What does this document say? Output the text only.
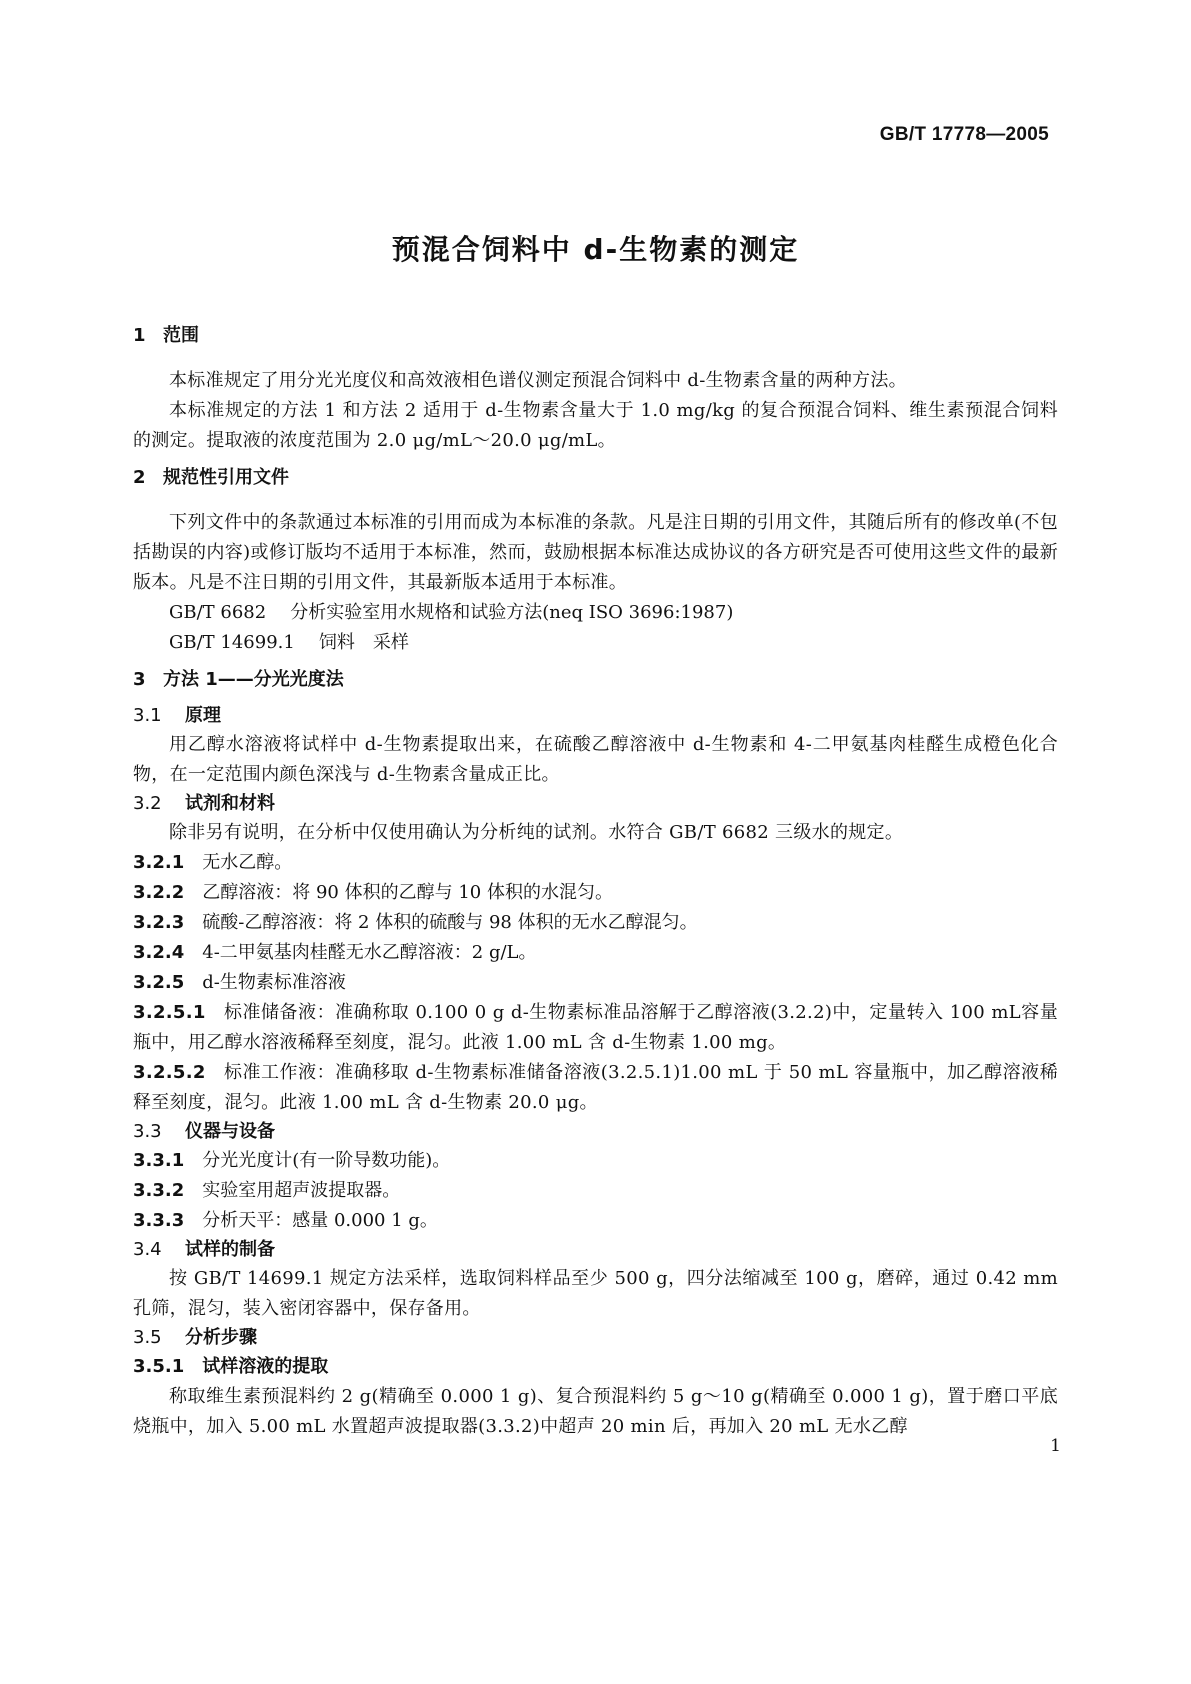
GB/T 17778—2005
预混合饲料中 d-生物素的测定
1 范围
本标准规定了用分光光度仪和高效液相色谱仪测定预混合饲料中 d-生物素含量的两种方法。
本标准规定的方法 1 和方法 2 适用于 d-生物素含量大于 1.0 mg/kg 的复合预混合饲料、维生素预混合饲料的测定。提取液的浓度范围为 2.0 μg/mL～20.0 μg/mL。
2 规范性引用文件
下列文件中的条款通过本标准的引用而成为本标准的条款。凡是注日期的引用文件，其随后所有的修改单(不包括勘误的内容)或修订版均不适用于本标准，然而，鼓励根据本标准达成协议的各方研究是否可使用这些文件的最新版本。凡是不注日期的引用文件，其最新版本适用于本标准。
GB/T 6682 分析实验室用水规格和试验方法(neq ISO 3696:1987)
GB/T 14699.1 饲料　采样
3 方法 1——分光光度法
3.1 原理
用乙醇水溶液将试样中 d-生物素提取出来，在硫酸乙醇溶液中 d-生物素和 4-二甲氨基肉桂醛生成橙色化合物，在一定范围内颜色深浅与 d-生物素含量成正比。
3.2 试剂和材料
除非另有说明，在分析中仅使用确认为分析纯的试剂。水符合 GB/T 6682 三级水的规定。
3.2.1 无水乙醇。
3.2.2 乙醇溶液：将 90 体积的乙醇与 10 体积的水混匀。
3.2.3 硫酸-乙醇溶液：将 2 体积的硫酸与 98 体积的无水乙醇混匀。
3.2.4 4-二甲氨基肉桂醛无水乙醇溶液：2 g/L。
3.2.5 d-生物素标准溶液
3.2.5.1 标准储备液：准确称取 0.100 0 g d-生物素标准品溶解于乙醇溶液(3.2.2)中，定量转入 100 mL容量瓶中，用乙醇水溶液稀释至刻度，混匀。此液 1.00 mL 含 d-生物素 1.00 mg。
3.2.5.2 标准工作液：准确移取 d-生物素标准储备溶液(3.2.5.1)1.00 mL 于 50 mL 容量瓶中，加乙醇溶液稀释至刻度，混匀。此液 1.00 mL 含 d-生物素 20.0 μg。
3.3 仪器与设备
3.3.1 分光光度计(有一阶导数功能)。
3.3.2 实验室用超声波提取器。
3.3.3 分析天平：感量 0.000 1 g。
3.4 试样的制备
按 GB/T 14699.1 规定方法采样，选取饲料样品至少 500 g，四分法缩减至 100 g，磨碎，通过 0.42 mm孔筛，混匀，装入密闭容器中，保存备用。
3.5 分析步骤
3.5.1 试样溶液的提取
称取维生素预混料约 2 g(精确至 0.000 1 g)、复合预混料约 5 g～10 g(精确至 0.000 1 g)，置于磨口平底烧瓶中，加入 5.00 mL 水置超声波提取器(3.3.2)中超声 20 min 后，再加入 20 mL 无水乙醇
1
